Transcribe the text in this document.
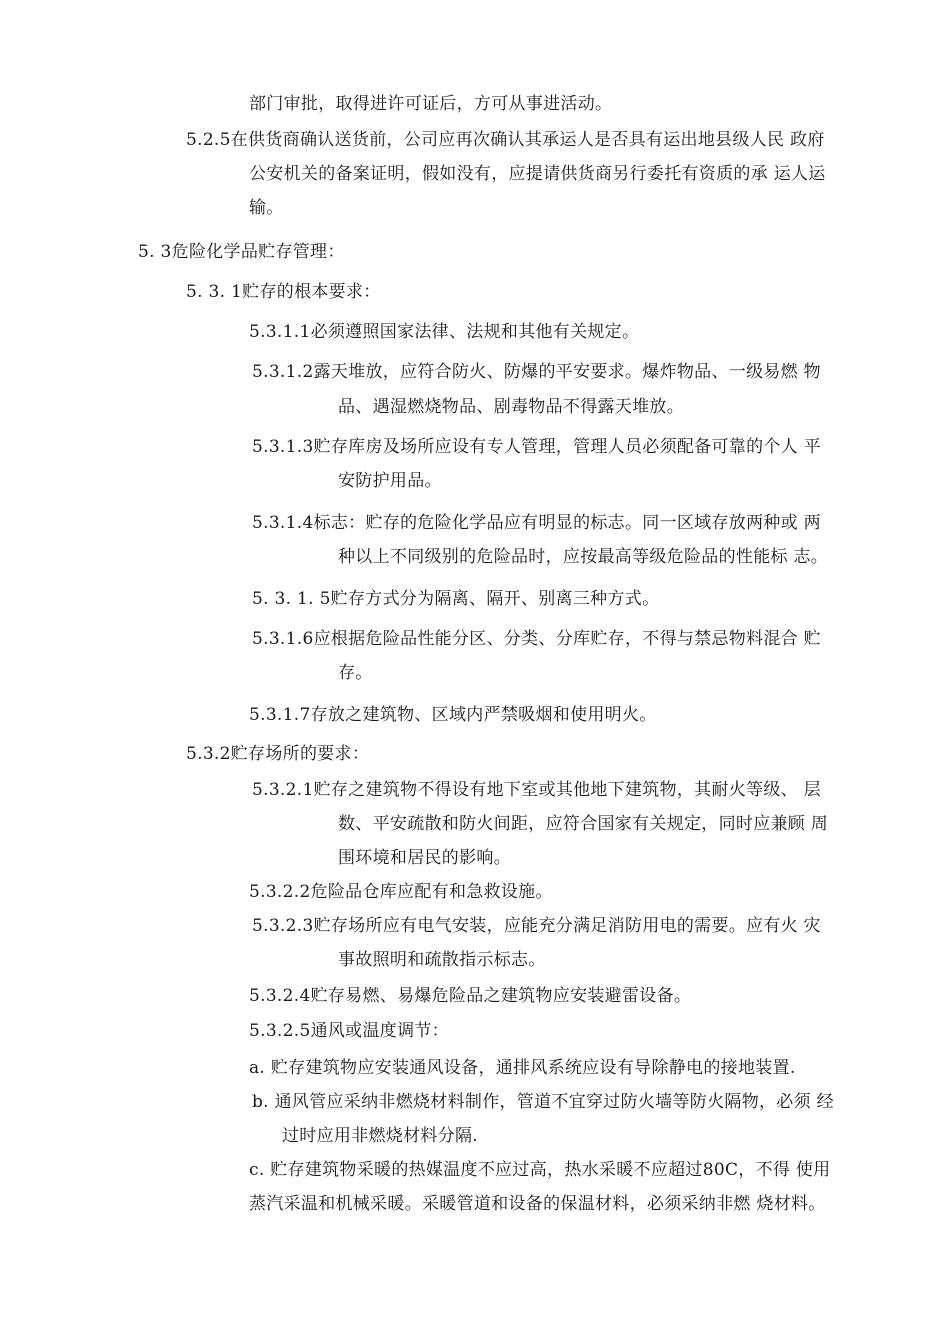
部门审批，取得进许可证后，方可从事进活动。
5.2.5在供货商确认送货前，公司应再次确认其承运人是否具有运出地县级人民 政府
公安机关的备案证明，假如没有，应提请供货商另行委托有资质的承 运人运
输。
5. 3危险化学品贮存管理：
5. 3. 1贮存的根本要求：
5.3.1.1必须遵照国家法律、法规和其他有关规定。
5.3.1.2露天堆放，应符合防火、防爆的平安要求。爆炸物品、一级易燃 物
品、遇湿燃烧物品、剧毒物品不得露天堆放。
5.3.1.3贮存库房及场所应设有专人管理，管理人员必须配备可靠的个人 平
安防护用品。
5.3.1.4标志：贮存的危险化学品应有明显的标志。同一区域存放两种或 两
种以上不同级别的危险品时，应按最高等级危险品的性能标 志。
5. 3. 1. 5贮存方式分为隔离、隔开、别离三种方式。
5.3.1.6应根据危险品性能分区、分类、分库贮存，不得与禁忌物料混合 贮
存。
5.3.1.7存放之建筑物、区域内严禁吸烟和使用明火。
5.3.2贮存场所的要求：
5.3.2.1贮存之建筑物不得设有地下室或其他地下建筑物，其耐火等级、 层
数、平安疏散和防火间距，应符合国家有关规定，同时应兼顾 周
围环境和居民的影响。
5.3.2.2危险品仓库应配有和急救设施。
5.3.2.3贮存场所应有电气安装，应能充分满足消防用电的需要。应有火 灾
事故照明和疏散指示标志。
5.3.2.4贮存易燃、易爆危险品之建筑物应安装避雷设备。
5.3.2.5通风或温度调节：
a. 贮存建筑物应安装通风设备，通排风系统应设有导除静电的接地装置.
b. 通风管应采纳非燃烧材料制作，管道不宜穿过防火墙等防火隔物，必须 经
过时应用非燃烧材料分隔.
c. 贮存建筑物采暖的热媒温度不应过高，热水采暖不应超过80C，不得 使用
蒸汽采温和机械采暖。采暖管道和设备的保温材料，必须采纳非燃 烧材料。
